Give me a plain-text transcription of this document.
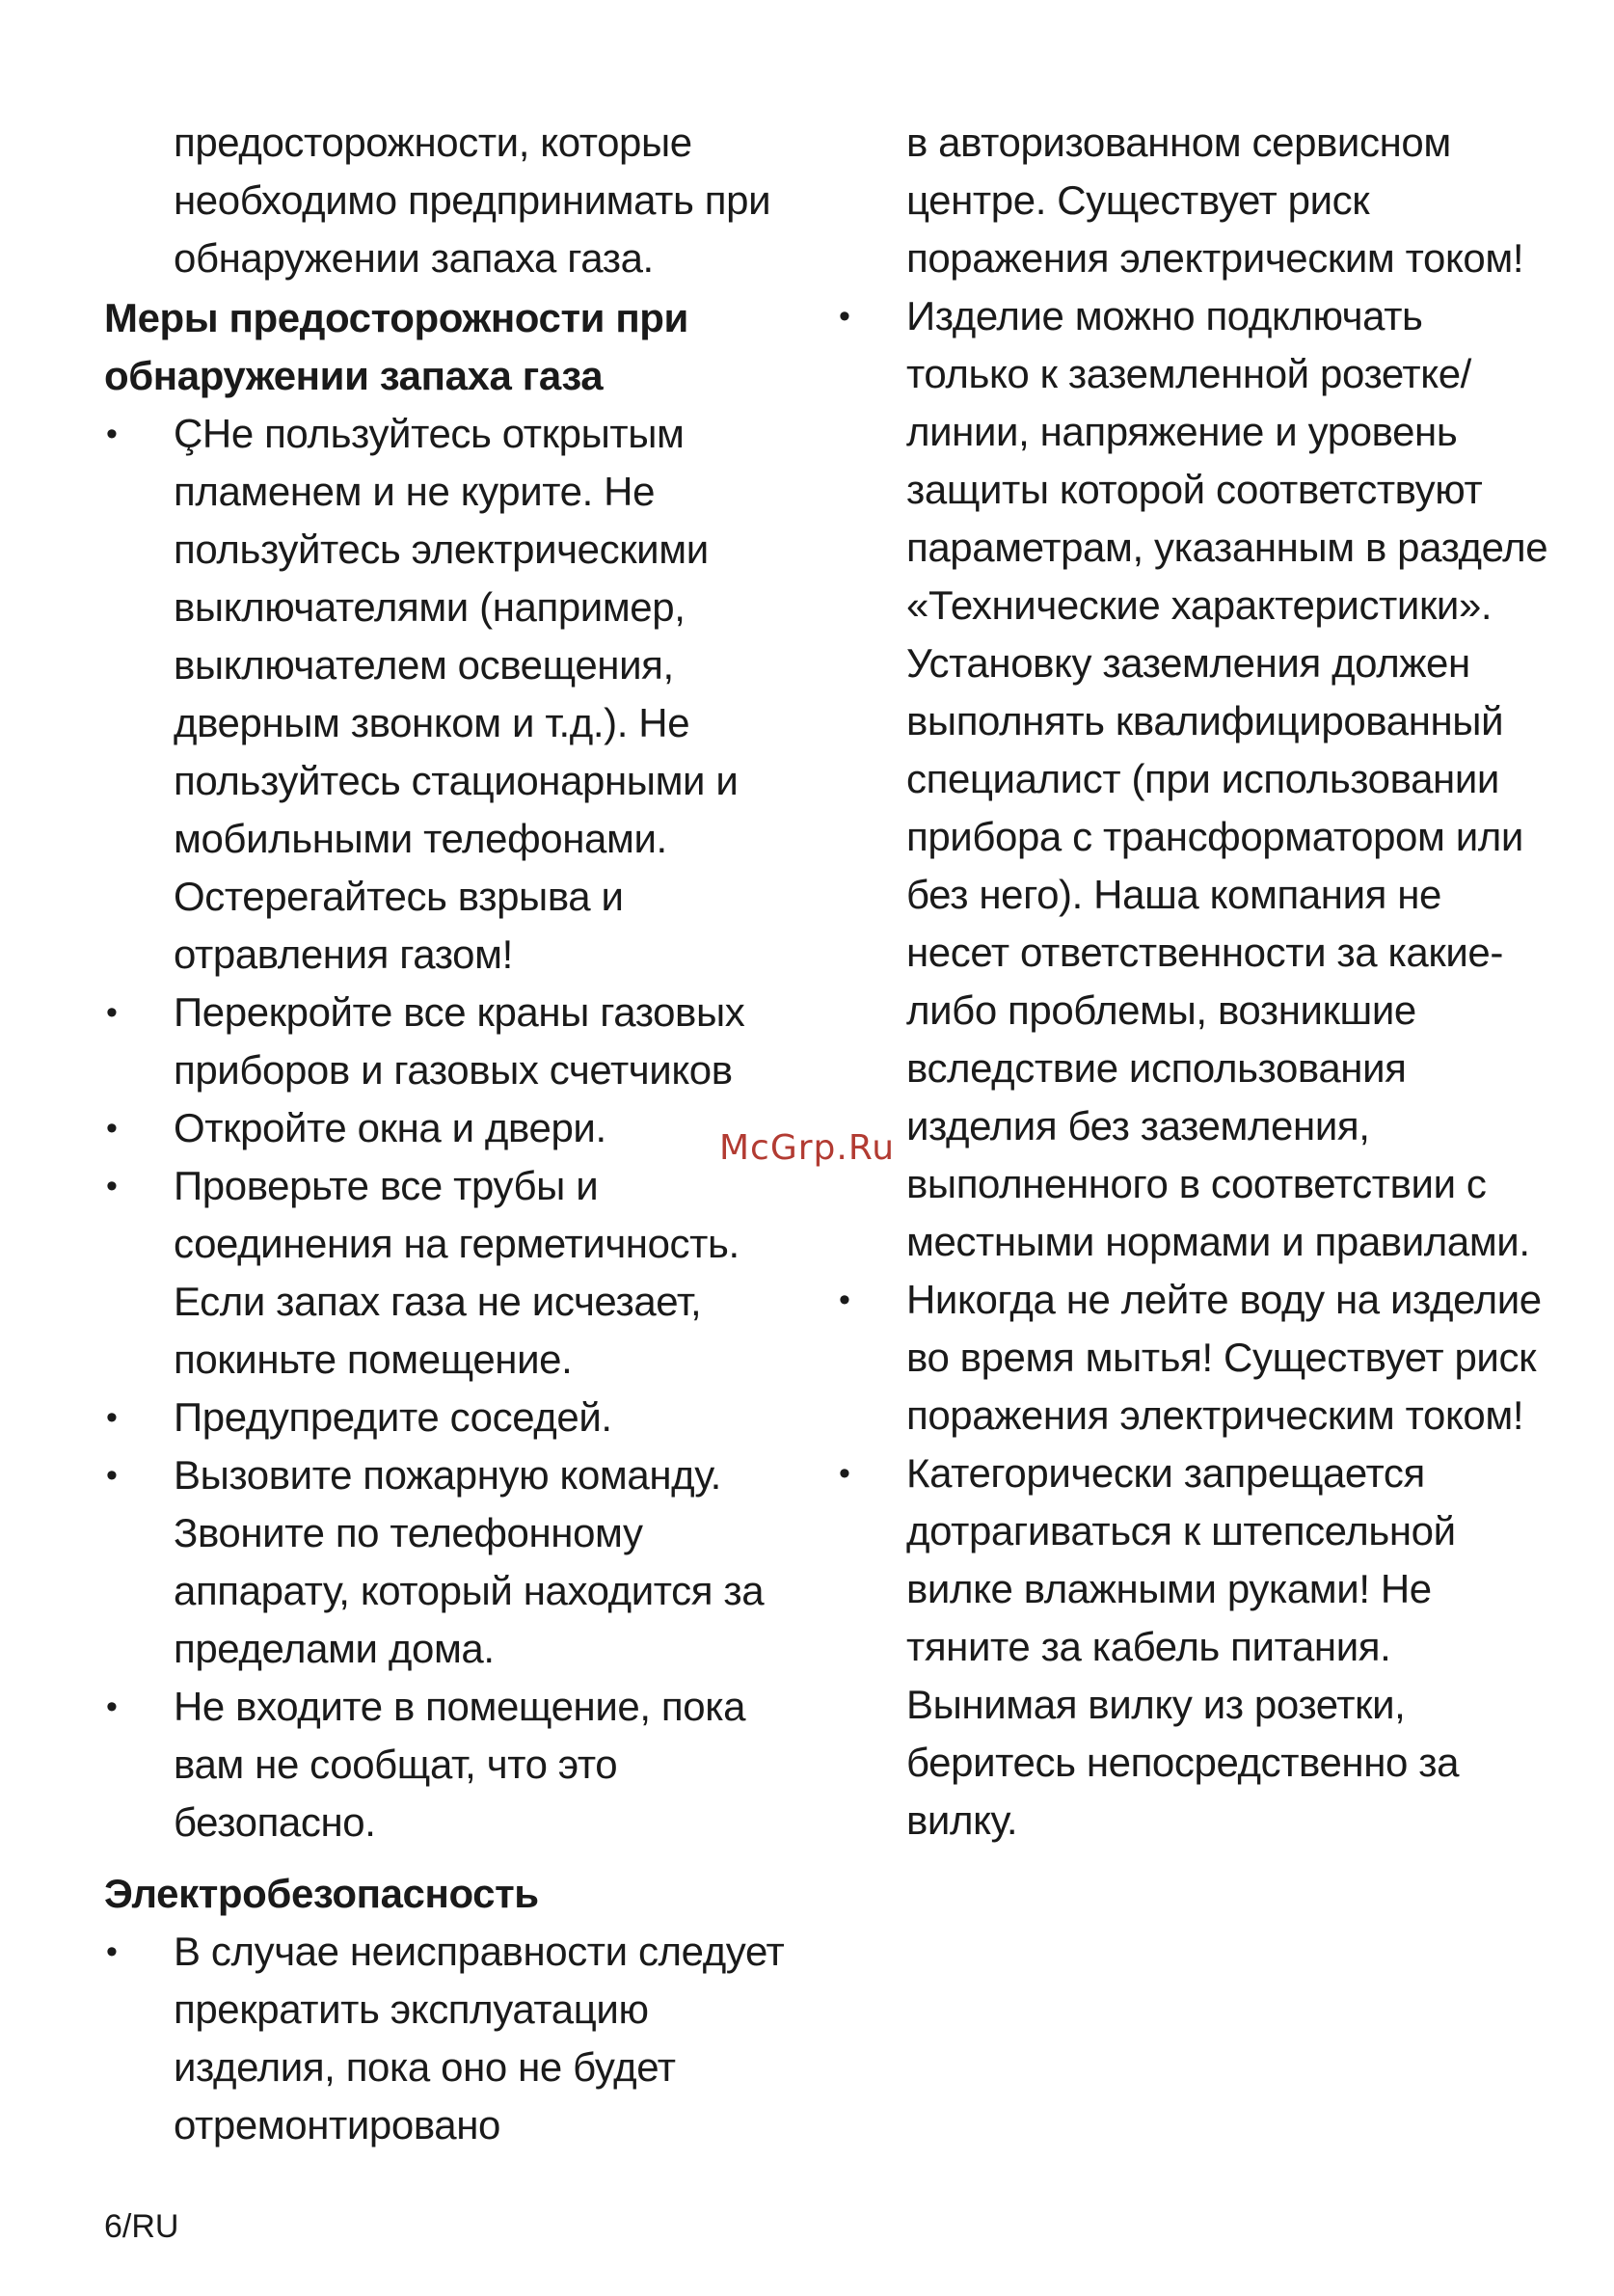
предосторожности, которые необходимо предпринимать при обнаружении запаха газа.
Меры предосторожности при обнаружении запаха газа
• ÇНе пользуйтесь открытым пламенем и не курите. Не пользуйтесь электрическими выключателями (например, выключателем освещения, дверным звонком и т.д.). Не пользуйтесь стационарными и мобильными телефонами. Остерегайтесь взрыва и отравления газом!
• Перекройте все краны газовых приборов и газовых счетчиков
• Откройте окна и двери.
• Проверьте все трубы и соединения на герметичность. Если запах газа не исчезает, покиньте помещение.
• Предупредите соседей.
• Вызовите пожарную команду. Звоните по телефонному аппарату, который находится за пределами дома.
• Не входите в помещение, пока вам не сообщат, что это безопасно.
Электробезопасность
• В случае неисправности следует прекратить эксплуатацию изделия, пока оно не будет отремонтировано
в авторизованном сервисном центре. Существует риск поражения электрическим током!
• Изделие можно подключать только к заземленной розетке/линии, напряжение и уровень защиты которой соответствуют параметрам, указанным в разделе «Технические характеристики». Установку заземления должен выполнять квалифицированный специалист (при использовании прибора с трансформатором или без него). Наша компания не несет ответственности за какие-либо проблемы, возникшие вследствие использования изделия без заземления, выполненного в соответствии с местными нормами и правилами.
• Никогда не лейте воду на изделие во время мытья! Существует риск поражения электрическим током!
• Категорически запрещается дотрагиваться к штепсельной вилке влажными руками! Не тяните за кабель питания. Вынимая вилку из розетки, беритесь непосредственно за вилку.
McGrp.Ru
6/RU
